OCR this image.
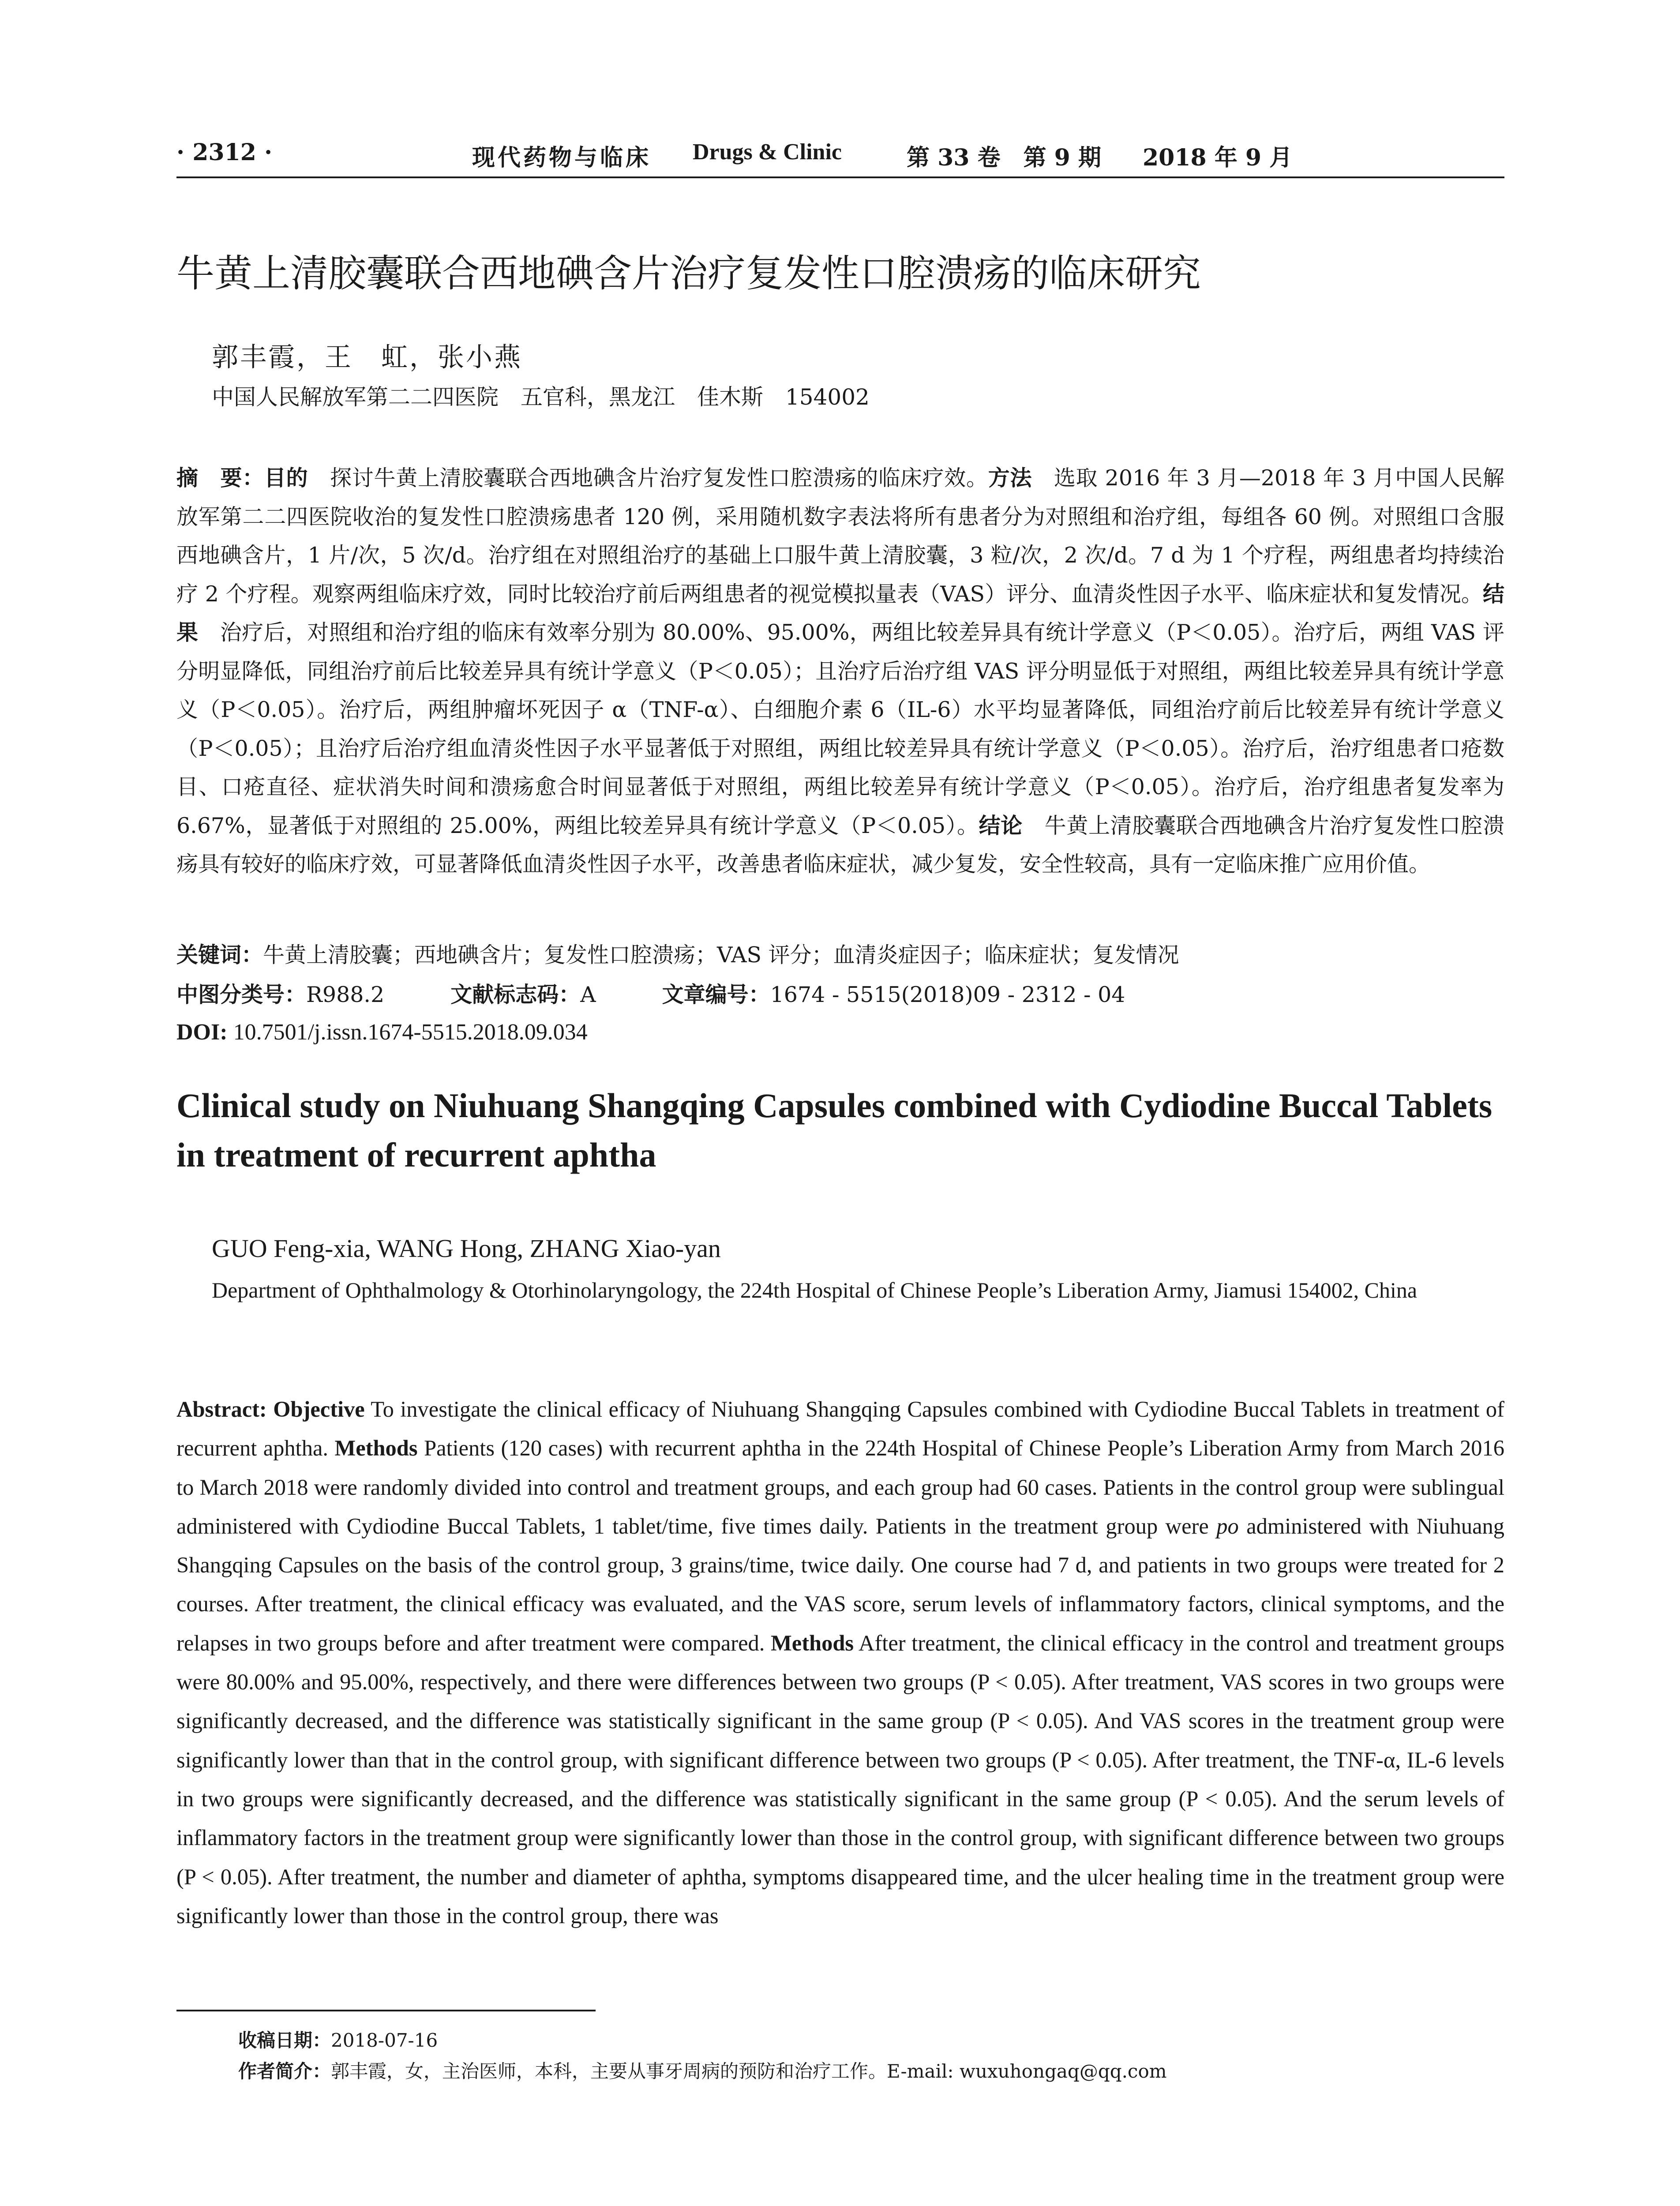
· 2312 ·	现代药物与临床 Drugs & Clinic	第 33 卷　第 9 期 2018 年 9 月
牛黄上清胶囊联合西地碘含片治疗复发性口腔溃疡的临床研究
郭丰霞，王　虹，张小燕
中国人民解放军第二二四医院　五官科，黑龙江　佳木斯　154002
摘　要：目的　探讨牛黄上清胶囊联合西地碘含片治疗复发性口腔溃疡的临床疗效。方法　选取 2016 年 3 月—2018 年 3 月中国人民解放军第二二四医院收治的复发性口腔溃疡患者 120 例，采用随机数字表法将所有患者分为对照组和治疗组，每组各 60 例。对照组口含服西地碘含片，1 片/次，5 次/d。治疗组在对照组治疗的基础上口服牛黄上清胶囊，3 粒/次，2 次/d。7 d 为 1 个疗程，两组患者均持续治疗 2 个疗程。观察两组临床疗效，同时比较治疗前后两组患者的视觉模拟量表（VAS）评分、血清炎性因子水平、临床症状和复发情况。结果　治疗后，对照组和治疗组的临床有效率分别为 80.00%、95.00%，两组比较差异具有统计学意义（P＜0.05）。治疗后，两组 VAS 评分明显降低，同组治疗前后比较差异具有统计学意义（P＜0.05）；且治疗后治疗组 VAS 评分明显低于对照组，两组比较差异具有统计学意义（P＜0.05）。治疗后，两组肿瘤坏死因子 α（TNF-α）、白细胞介素 6（IL-6）水平均显著降低，同组治疗前后比较差异有统计学意义（P＜0.05）；且治疗后治疗组血清炎性因子水平显著低于对照组，两组比较差异具有统计学意义（P＜0.05）。治疗后，治疗组患者口疮数目、口疮直径、症状消失时间和溃疡愈合时间显著低于对照组，两组比较差异有统计学意义（P＜0.05）。治疗后，治疗组患者复发率为 6.67%，显著低于对照组的 25.00%，两组比较差异具有统计学意义（P＜0.05）。结论　牛黄上清胶囊联合西地碘含片治疗复发性口腔溃疡具有较好的临床疗效，可显著降低血清炎性因子水平，改善患者临床症状，减少复发，安全性较高，具有一定临床推广应用价值。
关键词：牛黄上清胶囊；西地碘含片；复发性口腔溃疡；VAS 评分；血清炎症因子；临床症状；复发情况
中图分类号：R988.2	文献标志码：A	文章编号：1674 - 5515(2018)09 - 2312 - 04
DOI: 10.7501/j.issn.1674-5515.2018.09.034
Clinical study on Niuhuang Shangqing Capsules combined with Cydiodine Buccal Tablets in treatment of recurrent aphtha
GUO Feng-xia, WANG Hong, ZHANG Xiao-yan
Department of Ophthalmology & Otorhinolaryngology, the 224th Hospital of Chinese People’s Liberation Army, Jiamusi 154002, China
Abstract: Objective To investigate the clinical efficacy of Niuhuang Shangqing Capsules combined with Cydiodine Buccal Tablets in treatment of recurrent aphtha. Methods Patients (120 cases) with recurrent aphtha in the 224th Hospital of Chinese People’s Liberation Army from March 2016 to March 2018 were randomly divided into control and treatment groups, and each group had 60 cases. Patients in the control group were sublingual administered with Cydiodine Buccal Tablets, 1 tablet/time, five times daily. Patients in the treatment group were po administered with Niuhuang Shangqing Capsules on the basis of the control group, 3 grains/time, twice daily. One course had 7 d, and patients in two groups were treated for 2 courses. After treatment, the clinical efficacy was evaluated, and the VAS score, serum levels of inflammatory factors, clinical symptoms, and the relapses in two groups before and after treatment were compared. Methods After treatment, the clinical efficacy in the control and treatment groups were 80.00% and 95.00%, respectively, and there were differences between two groups (P < 0.05). After treatment, VAS scores in two groups were significantly decreased, and the difference was statistically significant in the same group (P < 0.05). And VAS scores in the treatment group were significantly lower than that in the control group, with significant difference between two groups (P < 0.05). After treatment, the TNF-α, IL-6 levels in two groups were significantly decreased, and the difference was statistically significant in the same group (P < 0.05). And the serum levels of inflammatory factors in the treatment group were significantly lower than those in the control group, with significant difference between two groups (P < 0.05). After treatment, the number and diameter of aphtha, symptoms disappeared time, and the ulcer healing time in the treatment group were significantly lower than those in the control group, there was
收稿日期：2018-07-16
作者简介：郭丰霞，女，主治医师，本科，主要从事牙周病的预防和治疗工作。E-mail: wuxuhongaq@qq.com
